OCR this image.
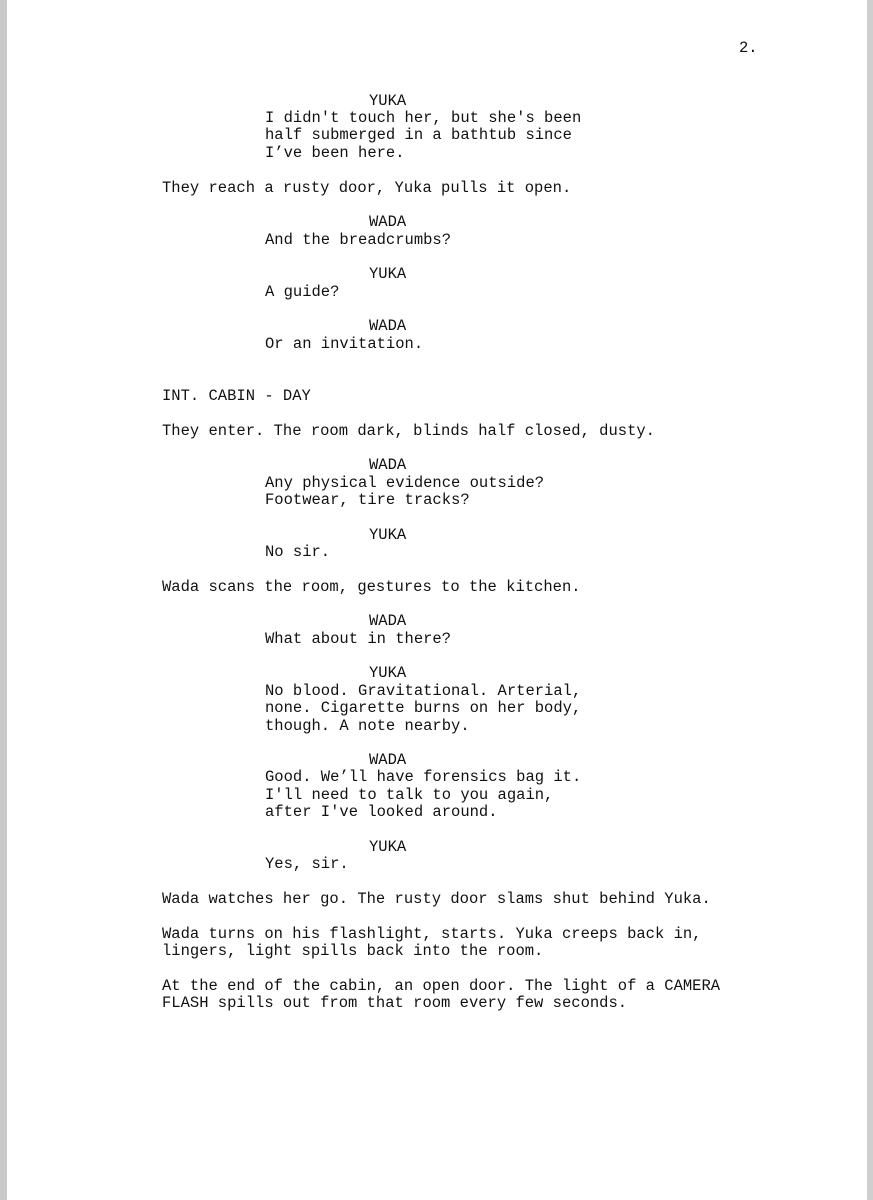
2.
YUKA
I didn't touch her, but she's been
half submerged in a bathtub since
I’ve been here.
They reach a rusty door, Yuka pulls it open.
WADA
And the breadcrumbs?
YUKA
A guide?
WADA
Or an invitation.
INT. CABIN - DAY
They enter. The room dark, blinds half closed, dusty.
WADA
Any physical evidence outside?
Footwear, tire tracks?
YUKA
No sir.
Wada scans the room, gestures to the kitchen.
WADA
What about in there?
YUKA
No blood. Gravitational. Arterial,
none. Cigarette burns on her body,
though. A note nearby.
WADA
Good. We’ll have forensics bag it.
I'll need to talk to you again,
after I've looked around.
YUKA
Yes, sir.
Wada watches her go. The rusty door slams shut behind Yuka.
Wada turns on his flashlight, starts. Yuka creeps back in,
lingers, light spills back into the room.
At the end of the cabin, an open door. The light of a CAMERA
FLASH spills out from that room every few seconds.
